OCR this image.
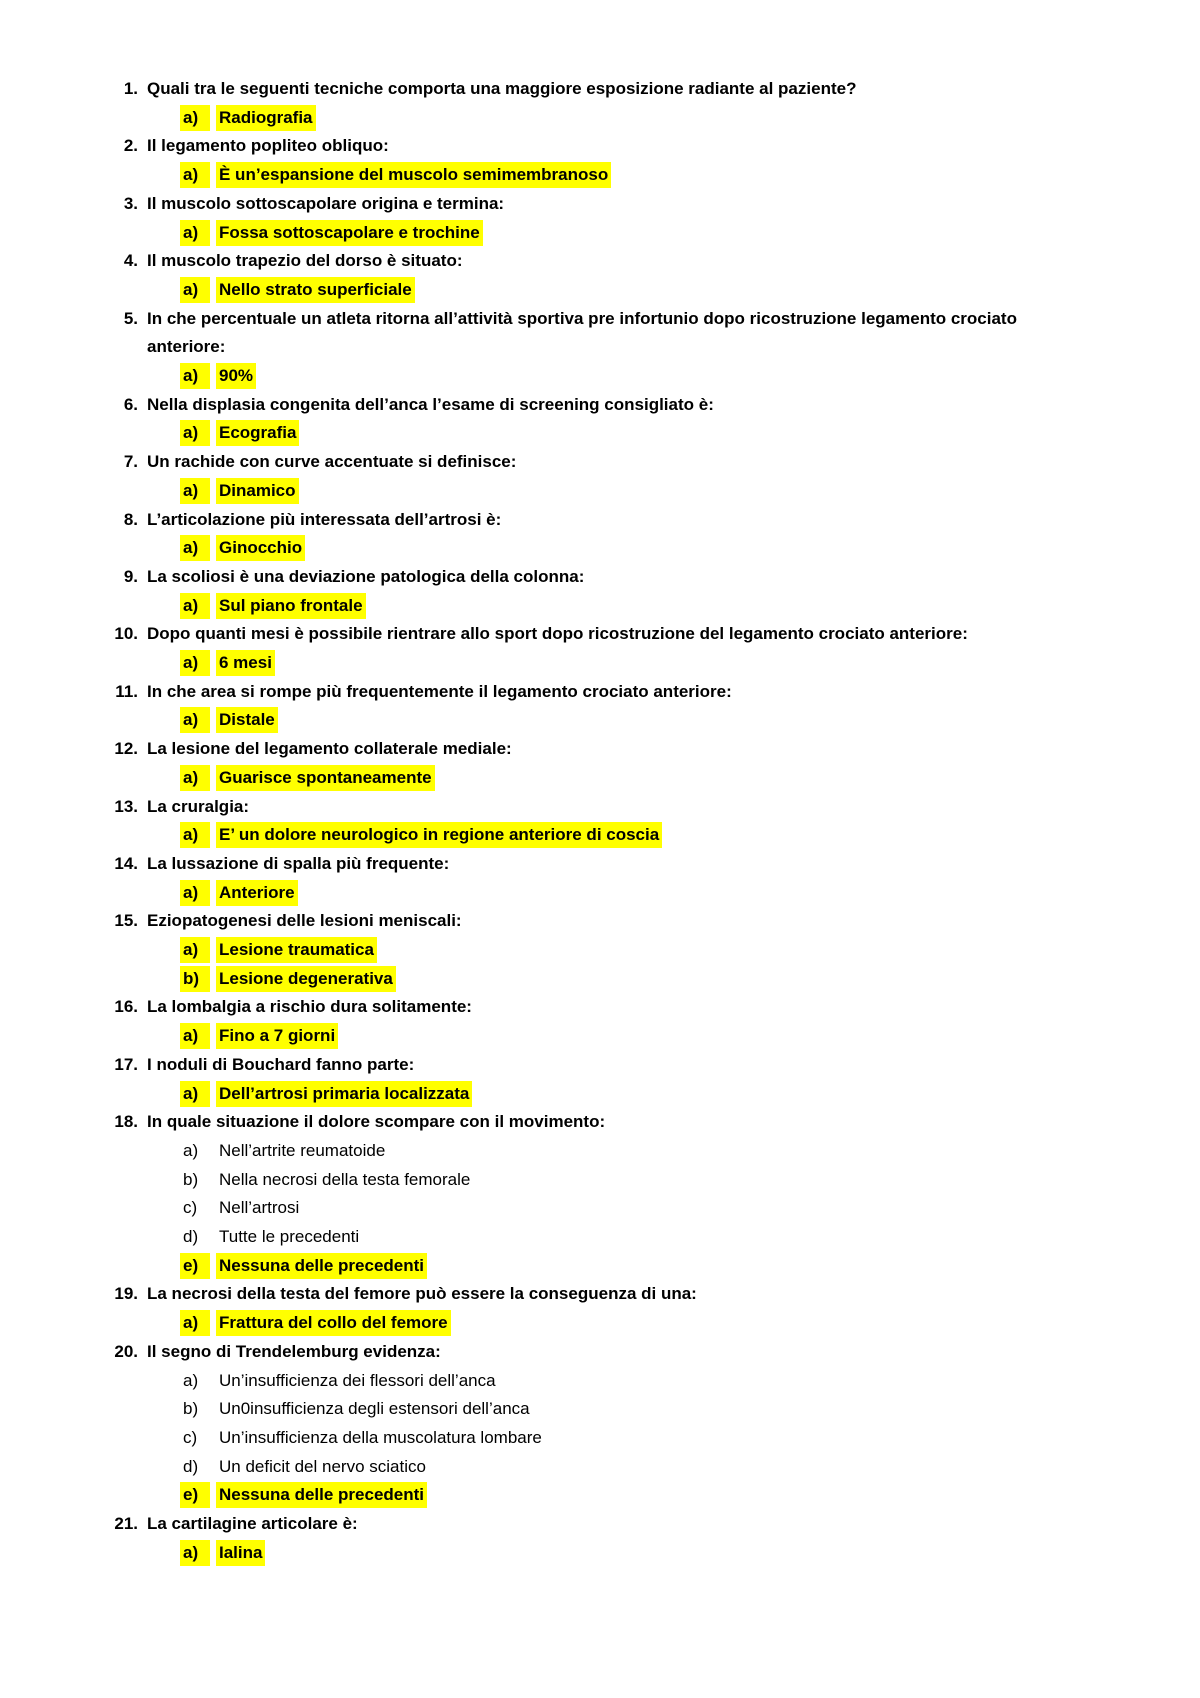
1. Quali tra le seguenti tecniche comporta una maggiore esposizione radiante al paziente?
a)	Radiografia
2. Il legamento popliteo obliquo:
a)	È un’espansione del muscolo semimembranoso
3. Il muscolo sottoscapolare origina e termina:
a)	Fossa sottoscapolare e trochine
4. Il muscolo trapezio del dorso è situato:
a)	Nello strato superficiale
5. In che percentuale un atleta ritorna all’attività sportiva pre infortunio dopo ricostruzione legamento crociato
anteriore:
a)	90%
6. Nella displasia congenita dell’anca l’esame di screening consigliato è:
a)	Ecografia
7. Un rachide con curve accentuate si definisce:
a)	Dinamico
8. L’articolazione più interessata dell’artrosi è:
a)	Ginocchio
9. La scoliosi è una deviazione patologica della colonna:
a)	Sul piano frontale
10. Dopo quanti mesi è possibile rientrare allo sport dopo ricostruzione del legamento crociato anteriore:
a)	6 mesi
11. In che area si rompe più frequentemente il legamento crociato anteriore:
a)	Distale
12. La lesione del legamento collaterale mediale:
a)	Guarisce spontaneamente
13. La cruralgia:
a)	E’ un dolore neurologico in regione anteriore di coscia
14. La lussazione di spalla più frequente:
a)	Anteriore
15. Eziopatogenesi delle lesioni meniscali:
a)	Lesione traumatica
b)	Lesione degenerativa
16. La lombalgia a rischio dura solitamente:
a)	Fino a 7 giorni
17. I noduli di Bouchard fanno parte:
a)	Dell’artrosi primaria localizzata
18. In quale situazione il dolore scompare con il movimento:
a)	Nell’artrite reumatoide
b)	Nella necrosi della testa femorale
c)	Nell’artrosi
d)	Tutte le precedenti
e)	Nessuna delle precedenti
19. La necrosi della testa del femore può essere la conseguenza di una:
a)	Frattura del collo del femore
20. Il segno di Trendelemburg evidenza:
a)	Un’insufficienza dei flessori dell’anca
b)	Un0insufficienza degli estensori dell’anca
c)	Un’insufficienza della muscolatura lombare
d)	Un deficit del nervo sciatico
e)	Nessuna delle precedenti
21. La cartilagine articolare è:
a)	Ialina
